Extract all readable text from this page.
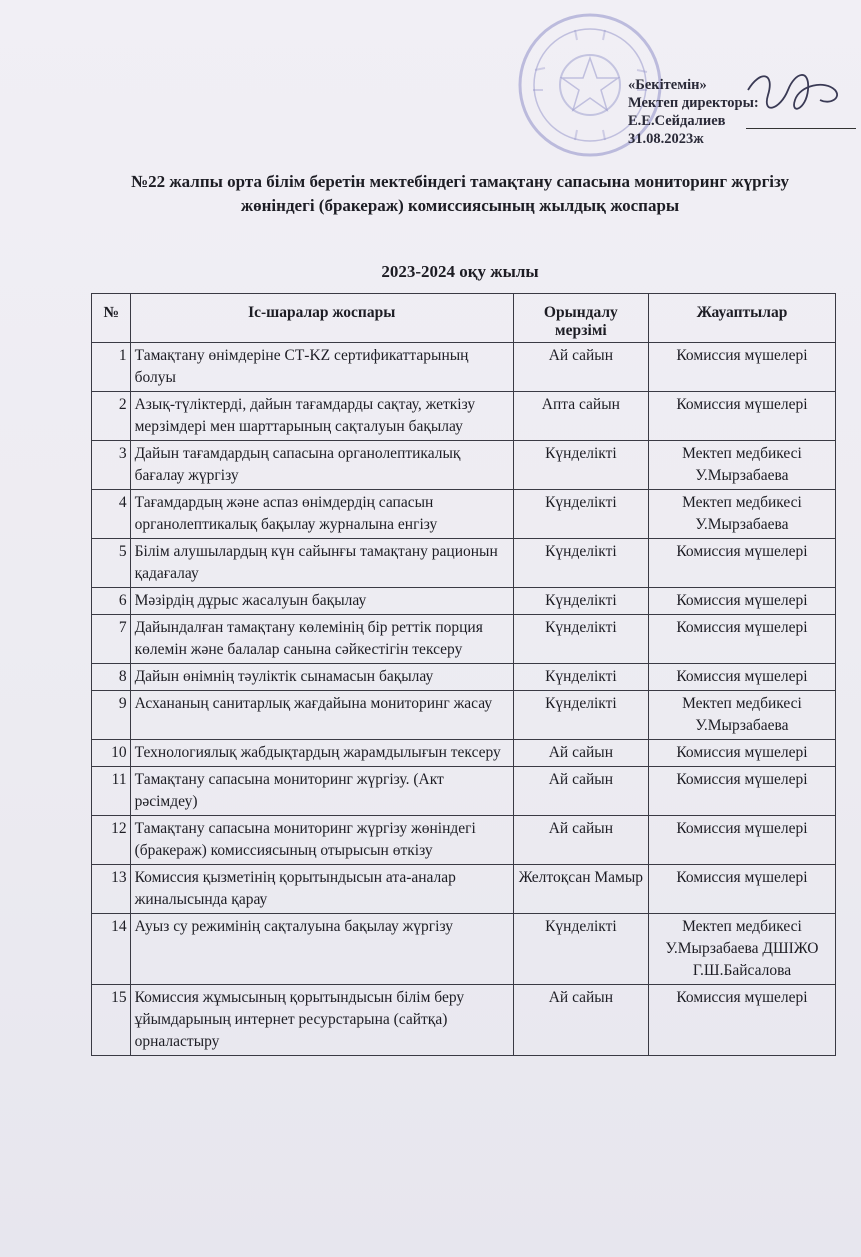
«Бекітемін»
Мектеп директоры:
Е.Е.Сейдалиев
31.08.2023ж
№22 жалпы орта білім беретін мектебіндегі тамақтану сапасына мониторинг жүргізу жөніндегі (бракераж) комиссиясының жылдық жоспары
2023-2024 оқу жылы
№	Іс-шаралар жоспары	Орындалу мерзімі	Жауаптылар
1	Тамақтану өнімдеріне СТ-KZ сертификаттарының болуы	Ай сайын	Комиссия мүшелері
2	Азық-түліктерді, дайын тағамдарды сақтау, жеткізу мерзімдері мен шарттарының сақталуын бақылау	Апта сайын	Комиссия мүшелері
3	Дайын тағамдардың сапасына органолептикалық бағалау жүргізу	Күнделікті	Мектеп медбикесі У.Мырзабаева
4	Тағамдардың және аспаз өнімдердің сапасын органолептикалық бақылау журналына енгізу	Күнделікті	Мектеп медбикесі У.Мырзабаева
5	Білім алушылардың күн сайынғы тамақтану рационын қадағалау	Күнделікті	Комиссия мүшелері
6	Мәзірдің дұрыс жасалуын бақылау	Күнделікті	Комиссия мүшелері
7	Дайындалған тамақтану көлемінің бір реттік порция көлемін және балалар санына сәйкестігін тексеру	Күнделікті	Комиссия мүшелері
8	Дайын өнімнің тәуліктік сынамасын бақылау	Күнделікті	Комиссия мүшелері
9	Асхананың санитарлық жағдайына мониторинг жасау	Күнделікті	Мектеп медбикесі У.Мырзабаева
10	Технологиялық жабдықтардың жарамдылығын тексеру	Ай сайын	Комиссия мүшелері
11	Тамақтану сапасына мониторинг жүргізу. (Акт рәсімдеу)	Ай сайын	Комиссия мүшелері
12	Тамақтану сапасына мониторинг жүргізу жөніндегі (бракераж) комиссиясының отырысын өткізу	Ай сайын	Комиссия мүшелері
13	Комиссия қызметінің қорытындысын ата-аналар жиналысында қарау	Желтоқсан Мамыр	Комиссия мүшелері
14	Ауыз су режимінің сақталуына бақылау жүргізу	Күнделікті	Мектеп медбикесі У.Мырзабаева ДШІЖО Г.Ш.Байсалова
15	Комиссия жұмысының қорытындысын білім беру ұйымдарының интернет ресурстарына (сайтқа) орналастыру	Ай сайын	Комиссия мүшелері
